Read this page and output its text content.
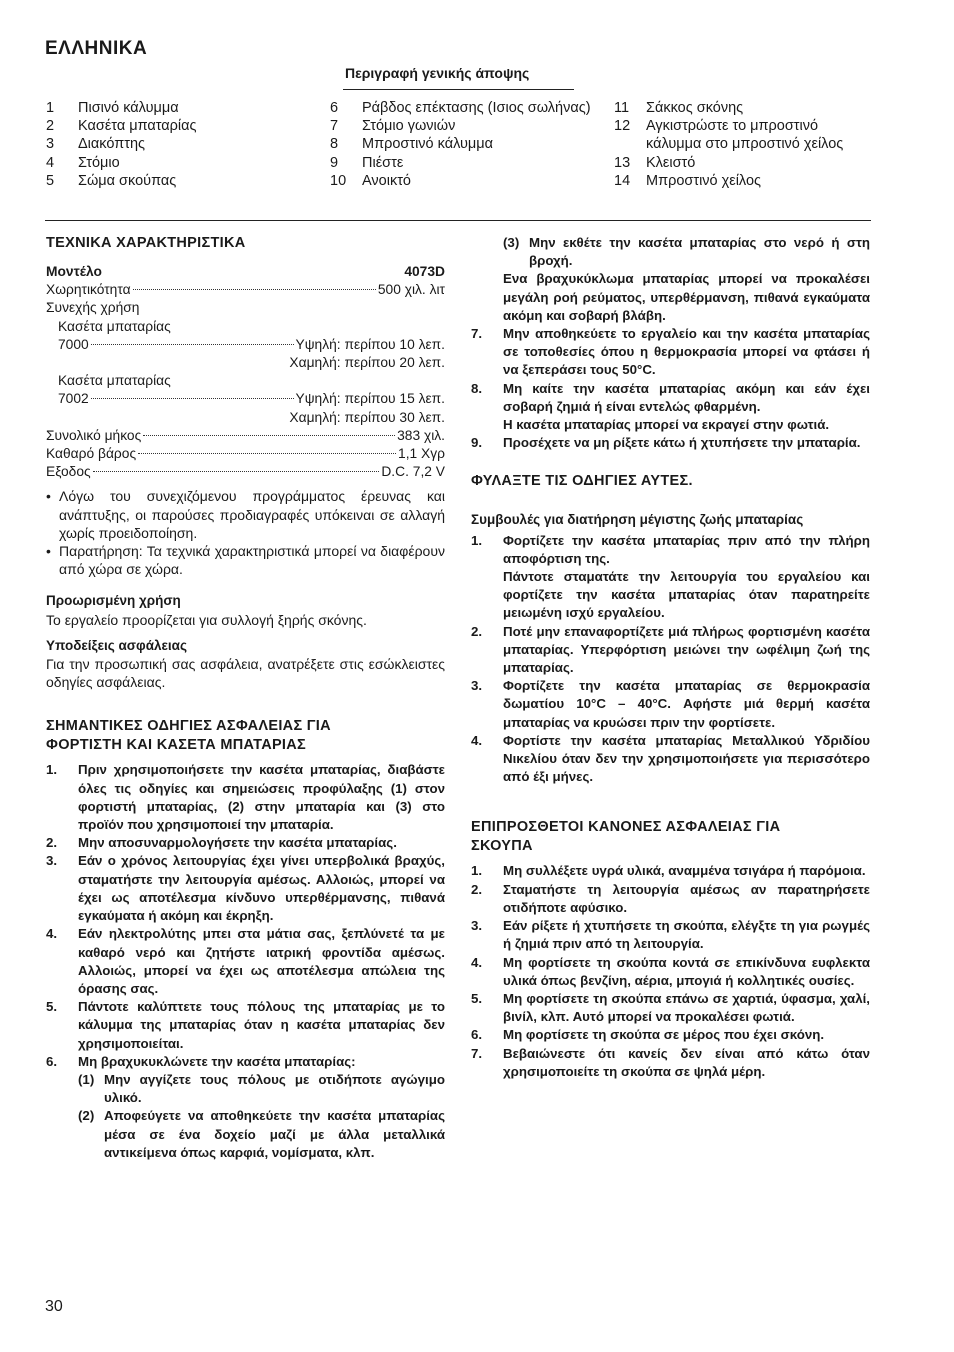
ΕΛΛΗΝΙΚΑ
Περιγραφή γενικής άποψης
1	Πισινό κάλυμμα
2	Κασέτα μπαταρίας
3	Διακόπτης
4	Στόμιο
5	Σώμα σκούπας
6	Ράβδος επέκτασης (Ισιος σωλήνας)
7	Στόμιο γωνιών
8	Μπροστινό κάλυμμα
9	Πιέστε
10	Ανοικτό
11	Σάκκος σκόνης
12	Αγκιστρώστε το μπροστινό κάλυμμα στο μπροστινό χείλος
13	Κλειστό
14	Μπροστινό χείλος
ΤΕΧΝΙΚΑ ΧΑΡΑΚΤΗΡΙΣΤΙΚΑ
Μοντέλο	4073D
Χωρητικότητα	500 χιλ. λιτ
Συνεχής χρήση
Κασέτα μπαταρίας
7000	Υψηλή: περίπου 10 λεπ.
Χαμηλή: περίπου 20 λεπ.
Κασέτα μπαταρίας
7002	Υψηλή: περίπου 15 λεπ.
Χαμηλή: περίπου 30 λεπ.
Συνολικό μήκος	383 χιλ.
Καθαρό βάρος	1,1 Χγρ
Εξοδος	D.C. 7,2 V
• Λόγω του συνεχιζόμενου προγράμματος έρευνας και ανάπτυξης, οι παρούσες προδιαγραφές υπόκειναι σε αλλαγή χωρίς προειδοποίηση.
• Παρατήρηση: Τα τεχνικά χαρακτηριστικά μπορεί να διαφέρουν από χώρα σε χώρα.
Προωρισμένη χρήση
Το εργαλείο προορίζεται για συλλογή ξηρής σκόνης.
Υποδείξεις ασφάλειας
Για την προσωπική σας ασφάλεια, ανατρέξετε στις εσώκλειστες οδηγίες ασφάλειας.
ΣΗΜΑΝΤΙΚΕΣ ΟΔΗΓΙΕΣ ΑΣΦΑΛΕΙΑΣ ΓΙΑ
ΦΟΡΤΙΣΤΗ ΚΑΙ ΚΑΣΕΤΑ ΜΠΑΤΑΡΙΑΣ
1.	Πριν χρησιμοποιήσετε την κασέτα μπαταρίας, διαβάστε όλες τις οδηγίες και σημειώσεις προφύλαξης (1) στον φορτιστή μπαταρίας, (2) στην μπαταρία και (3) στο προϊόν που χρησιμοποιεί την μπαταρία.
2.	Μην αποσυναρμολογήσετε την κασέτα μπαταρίας.
3.	Εάν ο χρόνος λειτουργίας έχει γίνει υπερβολικά βραχύς, σταματήστε την λειτουργία αμέσως. Αλλοιώς, μπορεί να έχει ως αποτέλεσμα κίνδυνο υπερθέρμανσης, πιθανά εγκαύματα ή ακόμη και έκρηξη.
4.	Εάν ηλεκτρολύτης μπει στα μάτια σας, ξεπλύνετέ τα με καθαρό νερό και ζητήστε ιατρική φροντίδα αμέσως. Αλλοιώς, μπορεί να έχει ως αποτέλεσμα απώλεια της όρασης σας.
5.	Πάντοτε καλύπτετε τους πόλους της μπαταρίας με το κάλυμμα της μπαταρίας όταν η κασέτα μπαταρίας δεν χρησιμοποιείται.
6.	Μη βραχυκυκλώνετε την κασέτα μπαταρίας:

(1) Μην αγγίζετε τους πόλους με οτιδήποτε αγώγιμο υλικό.
(2) Αποφεύγετε να αποθηκεύετε την κασέτα μπαταρίας μέσα σε ένα δοχείο μαζί με άλλα μεταλλικά αντικείμενα όπως καρφιά, νομίσματα, κλπ.
(3) Μην εκθέτε την κασέτα μπαταρίας στο νερό ή στη βροχή.

Ενα βραχυκύκλωμα μπαταρίας μπορεί να προκαλέσει μεγάλη ροή ρεύματος, υπερθέρμανση, πιθανά εγκαύματα ακόμη και σοβαρή βλάβη.

7.	Μην αποθηκεύετε το εργαλείο και την κασέτα μπαταρίας σε τοποθεσίες όπου η θερμοκρασία μπορεί να φτάσει ή να ξεπεράσει τους 50°C.
8.	Μη καίτε την κασέτα μπαταρίας ακόμη και εάν έχει σοβαρή ζημιά ή είναι εντελώς φθαρμένη.

Η κασέτα μπαταρίας μπορεί να εκραγεί στην φωτιά.

9.	Προσέχετε να μη ρίξετε κάτω ή χτυπήσετε την μπαταρία.
ΦΥΛΑΞΤΕ ΤΙΣ ΟΔΗΓΙΕΣ ΑΥΤΕΣ.
Συμβουλές για διατήρηση μέγιστης ζωής μπαταρίας
1.	Φορτίζετε την κασέτα μπαταρίας πριν από την πλήρη αποφόρτιση της.

Πάντοτε σταματάτε την λειτουργία του εργαλείου και φορτίζετε την κασέτα μπαταρίας όταν παρατηρείτε μειωμένη ισχύ εργαλείου.

2.	Ποτέ μην επαναφορτίζετε μιά πλήρως φορτισμένη κασέτα μπαταρίας. Υπερφόρτιση μειώνει την ωφέλιμη ζωή της μπαταρίας.
3.	Φορτίζετε την κασέτα μπαταρίας σε θερμοκρασία δωματίου 10°C – 40°C. Αφήστε μιά θερμή κασέτα μπαταρίας να κρυώσει πριν την φορτίσετε.
4.	Φορτίστε την κασέτα μπαταρίας Μεταλλικού Υδριδίου Νικελίου όταν δεν την χρησιμοποιήσετε για περισσότερο από έξι μήνες.
ΕΠΙΠΡΟΣΘΕΤΟΙ ΚΑΝΟΝΕΣ ΑΣΦΑΛΕΙΑΣ ΓΙΑ
ΣΚΟΥΠΑ
1.	Μη συλλέξετε υγρά υλικά, αναμμένα τσιγάρα ή παρόμοια.
2.	Σταματήστε τη λειτουργία αμέσως αν παρατηρήσετε οτιδήποτε αφύσικο.
3.	Εάν ρίξετε ή χτυπήσετε τη σκούπα, ελέγξτε τη για ρωγμές ή ζημιά πριν από τη λειτουργία.
4.	Μη φορτίσετε τη σκούπα κοντά σε επικίνδυνα ευφλεκτα υλικά όπως βενζίνη, αέρια, μπογιά ή κολλητικές ουσίες.
5.	Μη φορτίσετε τη σκούπα επάνω σε χαρτιά, ύφασμα, χαλί, βινίλ, κλπ. Αυτό μπορεί να προκαλέσει φωτιά.
6.	Μη φορτίσετε τη σκούπα σε μέρος που έχει σκόνη.
7.	Βεβαιώνεστε ότι κανείς δεν είναι από κάτω όταν χρησιμοποιείτε τη σκούπα σε ψηλά μέρη.
30
